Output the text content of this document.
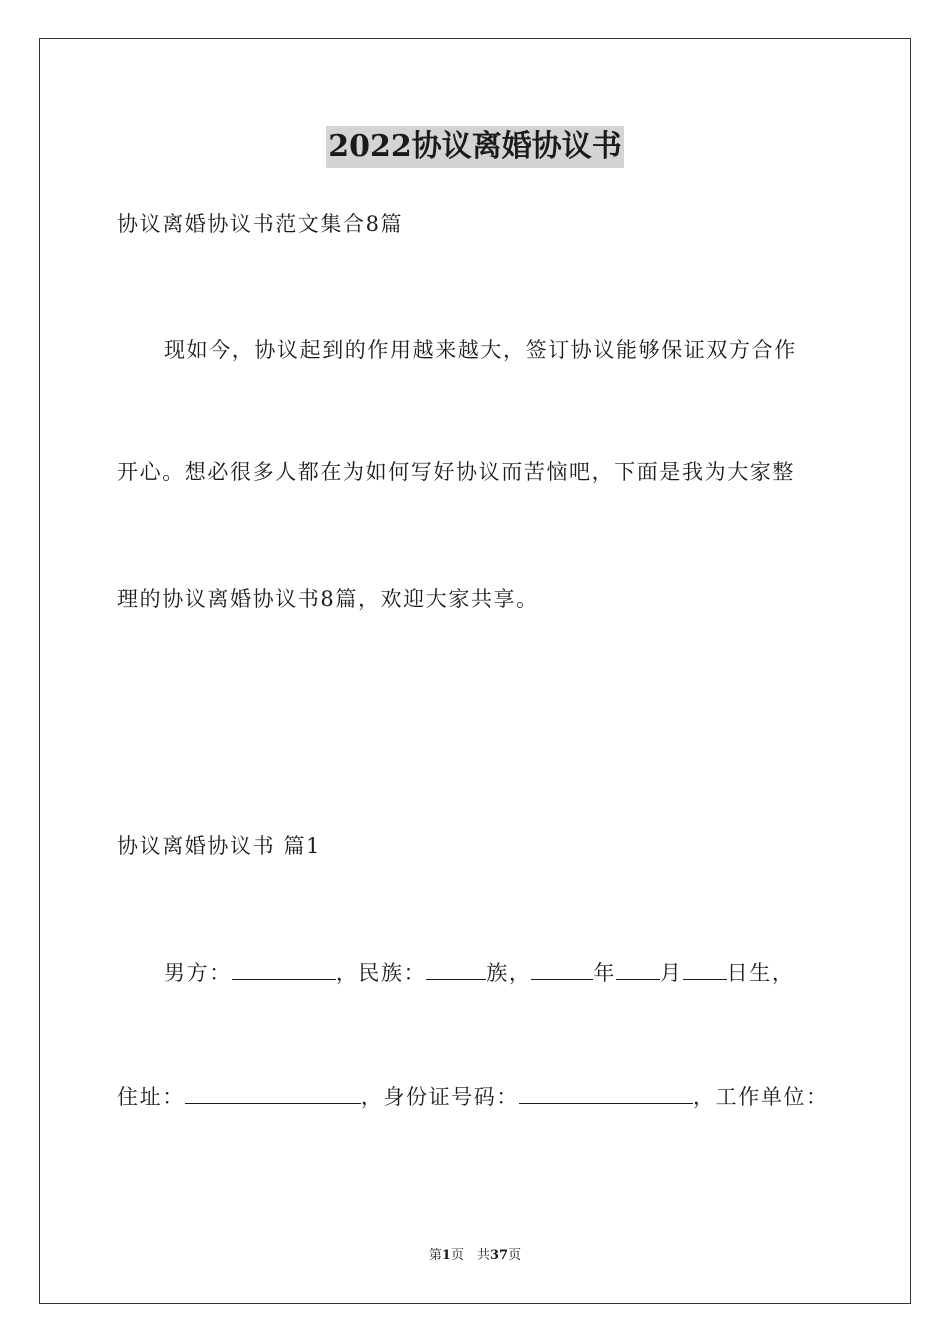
2022协议离婚协议书
协议离婚协议书范文集合8篇
现如今，协议起到的作用越来越大，签订协议能够保证双方合作
开心。想必很多人都在为如何写好协议而苦恼吧，下面是我为大家整
理的协议离婚协议书8篇，欢迎大家共享。
协议离婚协议书 篇1
男方：	，民族：	族，	年 月 日生，
住址：	，身份证号码：	，工作单位：
第1页　共37页
